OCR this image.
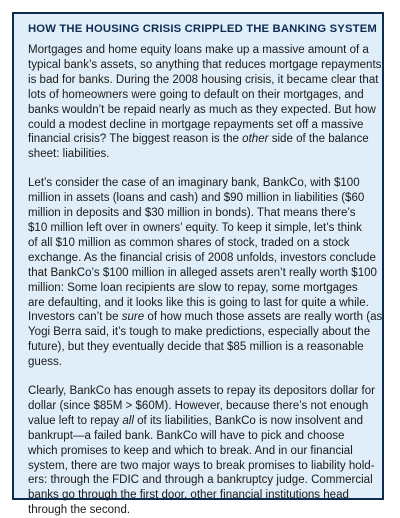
HOW THE HOUSING CRISIS CRIPPLED THE BANKING SYSTEM
Mortgages and home equity loans make up a massive amount of a
typical bank’s assets, so anything that reduces mortgage repayments
is bad for banks. During the 2008 housing crisis, it became clear that
lots of homeowners were going to default on their mortgages, and
banks wouldn’t be repaid nearly as much as they expected. But how
could a modest decline in mortgage repayments set off a massive
financial crisis? The biggest reason is the other side of the balance
sheet: liabilities.
Let’s consider the case of an imaginary bank, BankCo, with $100
million in assets (loans and cash) and $90 million in liabilities ($60
million in deposits and $30 million in bonds). That means there’s
$10 million left over in owners’ equity. To keep it simple, let’s think
of all $10 million as common shares of stock, traded on a stock
exchange. As the financial crisis of 2008 unfolds, investors conclude
that BankCo’s $100 million in alleged assets aren’t really worth $100
million: Some loan recipients are slow to repay, some mortgages
are defaulting, and it looks like this is going to last for quite a while.
Investors can’t be sure of how much those assets are really worth (as
Yogi Berra said, it’s tough to make predictions, especially about the
future), but they eventually decide that $85 million is a reasonable
guess.
Clearly, BankCo has enough assets to repay its depositors dollar for
dollar (since $85M > $60M). However, because there’s not enough
value left to repay all of its liabilities, BankCo is now insolvent and
bankrupt—a failed bank. BankCo will have to pick and choose
which promises to keep and which to break. And in our financial
system, there are two major ways to break promises to liability hold-
ers: through the FDIC and through a bankruptcy judge. Commercial
banks go through the first door, other financial institutions head
through the second.
